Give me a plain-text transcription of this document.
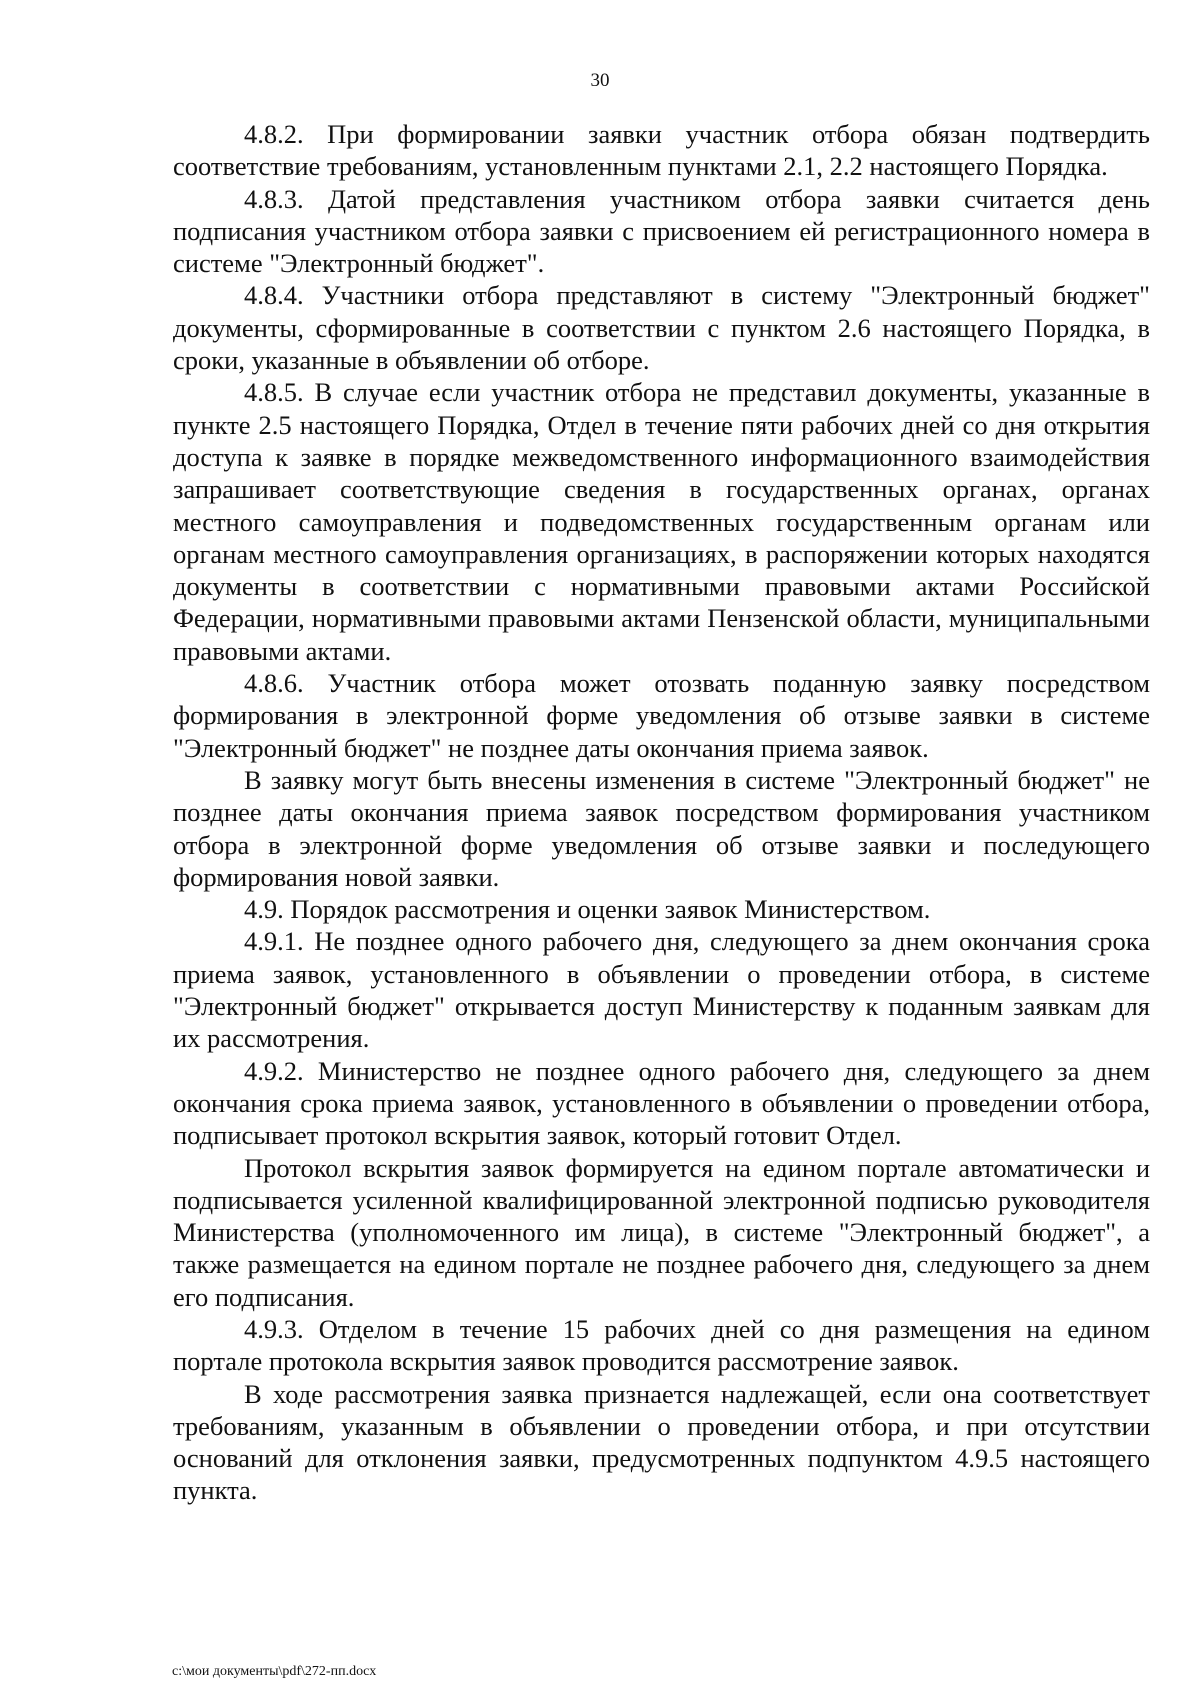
30

4.8.2. При формировании заявки участник отбора обязан подтвердить соответствие требованиям, установленным пунктами 2.1, 2.2 настоящего Порядка.

4.8.3. Датой представления участником отбора заявки считается день подписания участником отбора заявки с присвоением ей регистрационного номера в системе "Электронный бюджет".

4.8.4. Участники отбора представляют в систему "Электронный бюджет" документы, сформированные в соответствии с пунктом 2.6 настоящего Порядка, в сроки, указанные в объявлении об отборе.

4.8.5. В случае если участник отбора не представил документы, указанные в пункте 2.5 настоящего Порядка, Отдел в течение пяти рабочих дней со дня открытия доступа к заявке в порядке межведомственного информационного взаимодействия запрашивает соответствующие сведения в государственных органах, органах местного самоуправления и подведомственных государственным органам или органам местного самоуправления организациях, в распоряжении которых находятся документы в соответствии с нормативными правовыми актами Российской Федерации, нормативными правовыми актами Пензенской области, муниципальными правовыми актами.

4.8.6. Участник отбора может отозвать поданную заявку посредством формирования в электронной форме уведомления об отзыве заявки в системе "Электронный бюджет" не позднее даты окончания приема заявок.

В заявку могут быть внесены изменения в системе "Электронный бюджет" не позднее даты окончания приема заявок посредством формирования участником отбора в электронной форме уведомления об отзыве заявки и последующего формирования новой заявки.

4.9. Порядок рассмотрения и оценки заявок Министерством.

4.9.1. Не позднее одного рабочего дня, следующего за днем окончания срока приема заявок, установленного в объявлении о проведении отбора, в системе "Электронный бюджет" открывается доступ Министерству к поданным заявкам для их рассмотрения.

4.9.2. Министерство не позднее одного рабочего дня, следующего за днем окончания срока приема заявок, установленного в объявлении о проведении отбора, подписывает протокол вскрытия заявок, который готовит Отдел.

Протокол вскрытия заявок формируется на едином портале автоматически и подписывается усиленной квалифицированной электронной подписью руководителя Министерства (уполномоченного им лица), в системе "Электронный бюджет", а также размещается на едином портале не позднее рабочего дня, следующего за днем его подписания.

4.9.3. Отделом в течение 15 рабочих дней со дня размещения на едином портале протокола вскрытия заявок проводится рассмотрение заявок.

В ходе рассмотрения заявка признается надлежащей, если она соответствует требованиям, указанным в объявлении о проведении отбора, и при отсутствии оснований для отклонения заявки, предусмотренных подпунктом 4.9.5 настоящего пункта.

c:\мои документы\pdf\272-пп.docx
